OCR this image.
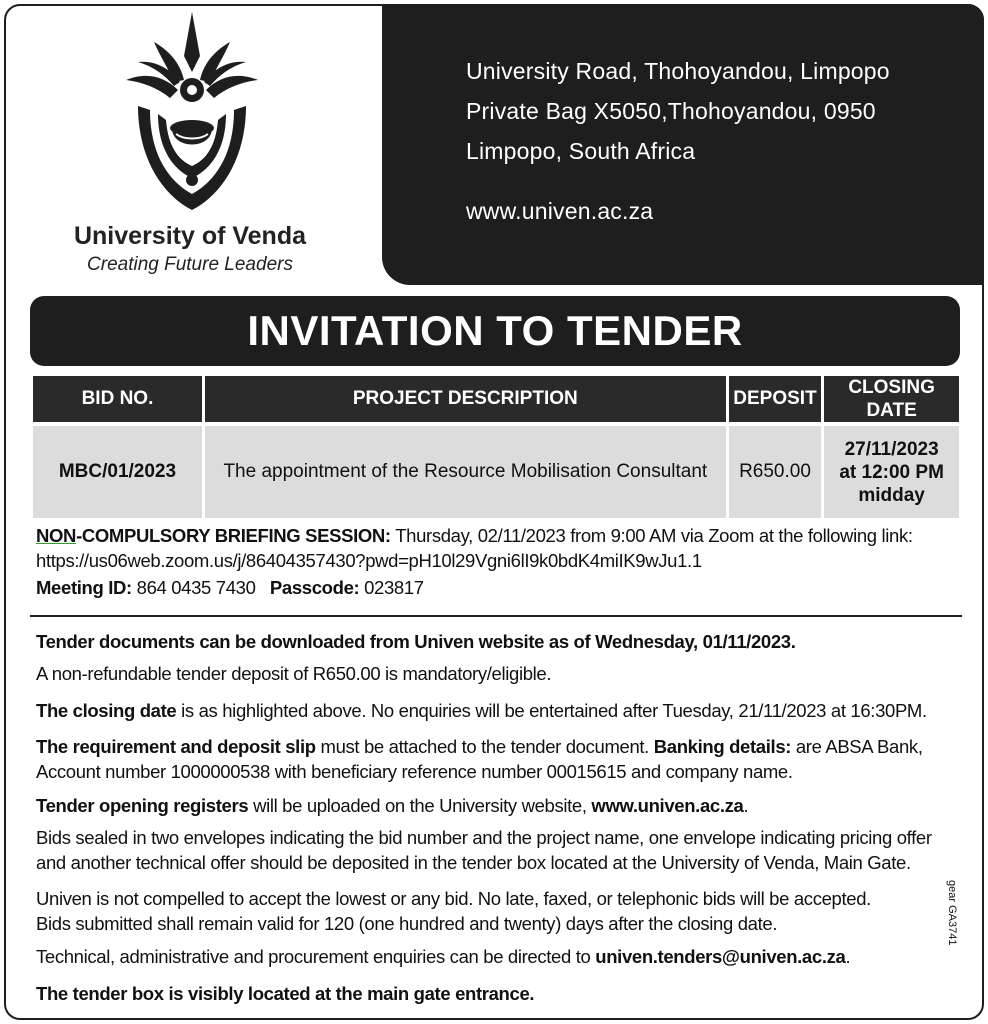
University of Venda
Creating Future Leaders
University Road, Thohoyandou, Limpopo
Private Bag X5050,Thohoyandou, 0950
Limpopo, South Africa
www.univen.ac.za
INVITATION TO TENDER
BID NO.	PROJECT DESCRIPTION	DEPOSIT	CLOSING DATE
MBC/01/2023	The appointment of the Resource Mobilisation Consultant	R650.00	27/11/2023
at 12:00 PM
midday
NON-COMPULSORY BRIEFING SESSION: Thursday, 02/11/2023 from 9:00 AM via Zoom at the following link:
https://us06web.zoom.us/j/86404357430?pwd=pH10l29Vgni6lI9k0bdK4miIK9wJu1.1
Meeting ID: 864 0435 7430 Passcode: 023817
Tender documents can be downloaded from Univen website as of Wednesday, 01/11/2023.
A non-refundable tender deposit of R650.00 is mandatory/eligible.
The closing date is as highlighted above. No enquiries will be entertained after Tuesday, 21/11/2023 at 16:30PM.
The requirement and deposit slip must be attached to the tender document. Banking details: are ABSA Bank,
Account number 1000000538 with beneficiary reference number 00015615 and company name.
Tender opening registers will be uploaded on the University website, www.univen.ac.za.
Bids sealed in two envelopes indicating the bid number and the project name, one envelope indicating pricing offer
and another technical offer should be deposited in the tender box located at the University of Venda, Main Gate.
Univen is not compelled to accept the lowest or any bid. No late, faxed, or telephonic bids will be accepted.
Bids submitted shall remain valid for 120 (one hundred and twenty) days after the closing date.
Technical, administrative and procurement enquiries can be directed to univen.tenders@univen.ac.za.
The tender box is visibly located at the main gate entrance.
gear GA3741
